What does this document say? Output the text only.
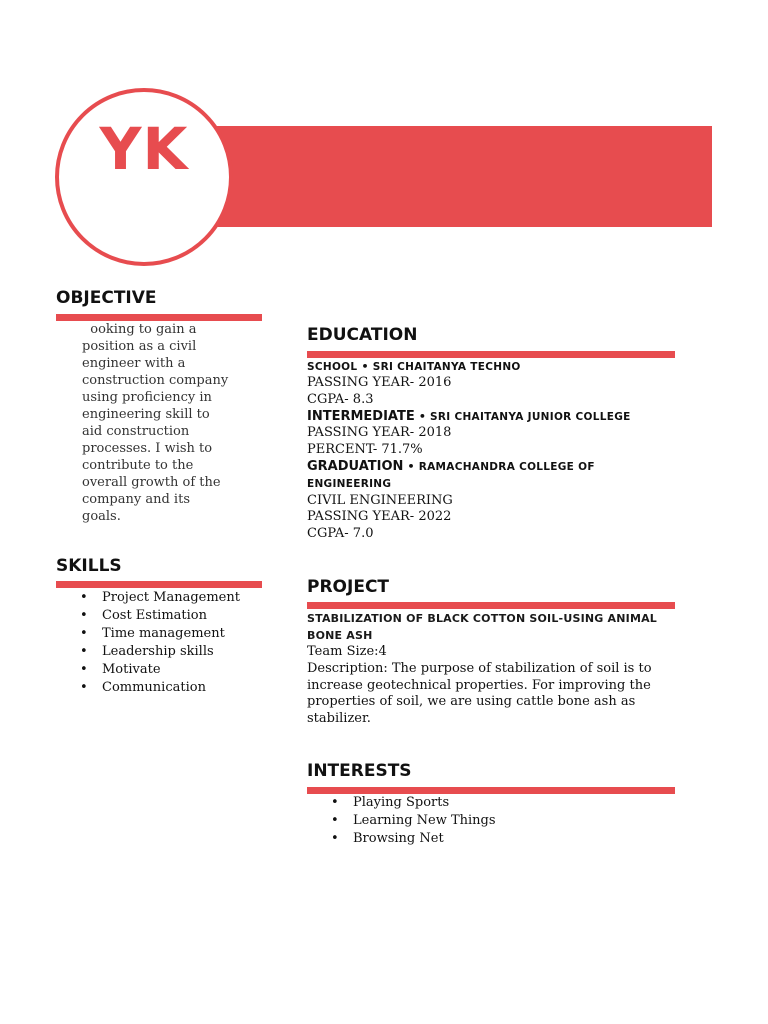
YK
OBJECTIVE
ooking to gain a
position as a civil
engineer with a
construction company
using proficiency in
engineering skill to
aid construction
processes. I wish to
contribute to the
overall growth of the
company and its
goals.
SKILLS
• Project Management
• Cost Estimation
• Time management
• Leadership skills
• Motivate
• Communication
EDUCATION
SCHOOL • SRI CHAITANYA TECHNO
PASSING YEAR- 2016
CGPA- 8.3
INTERMEDIATE • SRI CHAITANYA JUNIOR COLLEGE
PASSING YEAR- 2018
PERCENT- 71.7%
GRADUATION • RAMACHANDRA COLLEGE OF
ENGINEERING
CIVIL ENGINEERING
PASSING YEAR- 2022
CGPA- 7.0
PROJECT
STABILIZATION OF BLACK COTTON SOIL-USING ANIMAL
BONE ASH
Team Size:4
Description: The purpose of stabilization of soil is to
increase geotechnical properties. For improving the
properties of soil, we are using cattle bone ash as
stabilizer.
INTERESTS
• Playing Sports
• Learning New Things
• Browsing Net
